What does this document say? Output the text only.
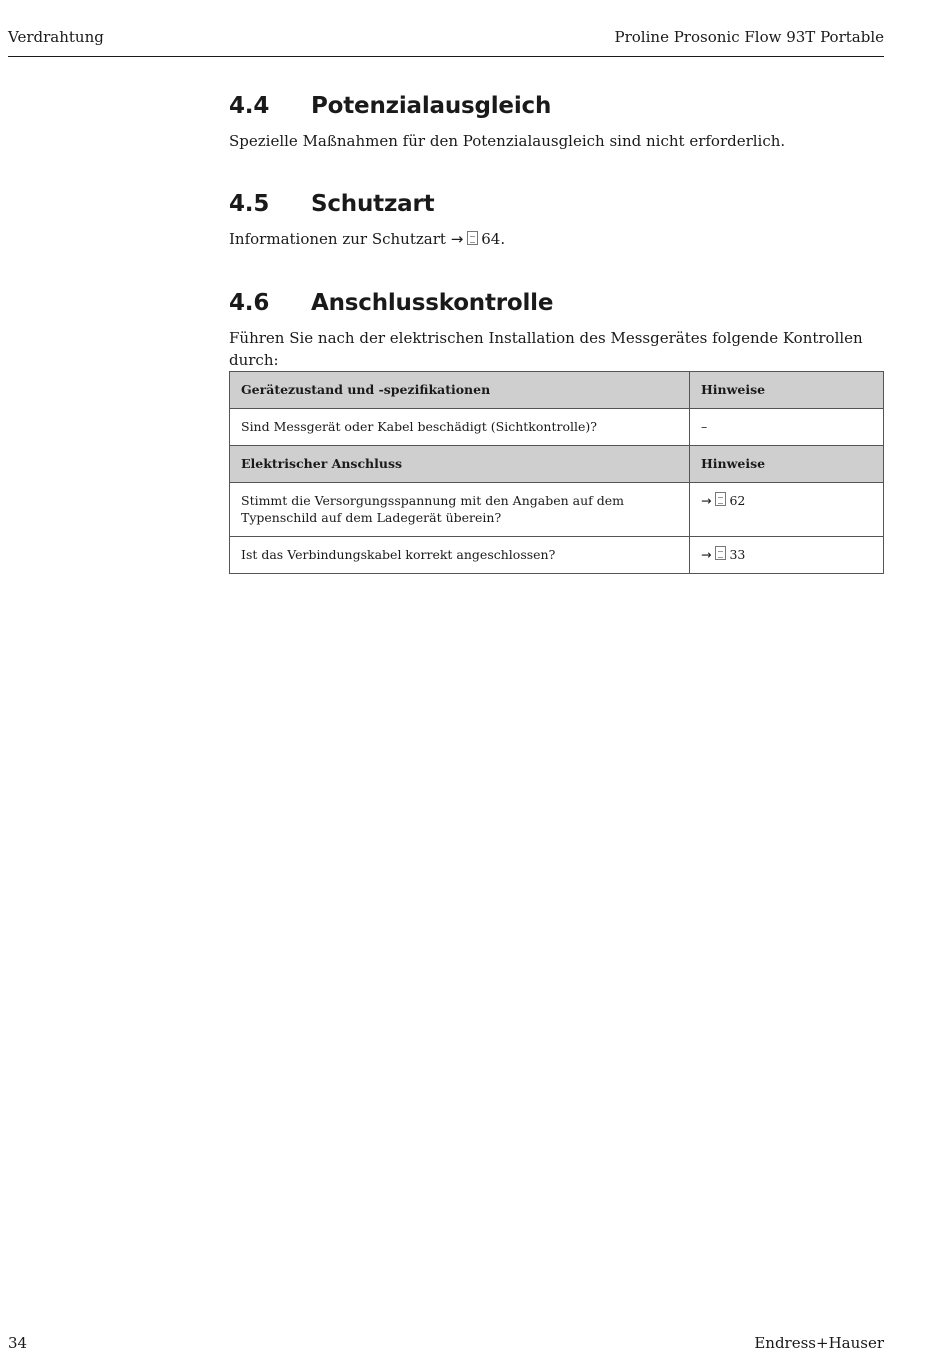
Verdrahtung	Proline Prosonic Flow 93T Portable
4.4 Potenzialausgleich

Spezielle Maßnahmen für den Potenzialausgleich sind nicht erforderlich.

4.5 Schutzart

Informationen zur Schutzart → 64.

4.6 Anschlusskontrolle

Führen Sie nach der elektrischen Installation des Messgerätes folgende Kontrollen durch:

Gerätezustand und -spezifikationen	Hinweise
Sind Messgerät oder Kabel beschädigt (Sichtkontrolle)?	–
Elektrischer Anschluss	Hinweise
Stimmt die Versorgungsspannung mit den Angaben auf dem Typenschild auf dem Ladegerät überein?	→ 62
Ist das Verbindungskabel korrekt angeschlossen?	→ 33
34	Endress+Hauser
